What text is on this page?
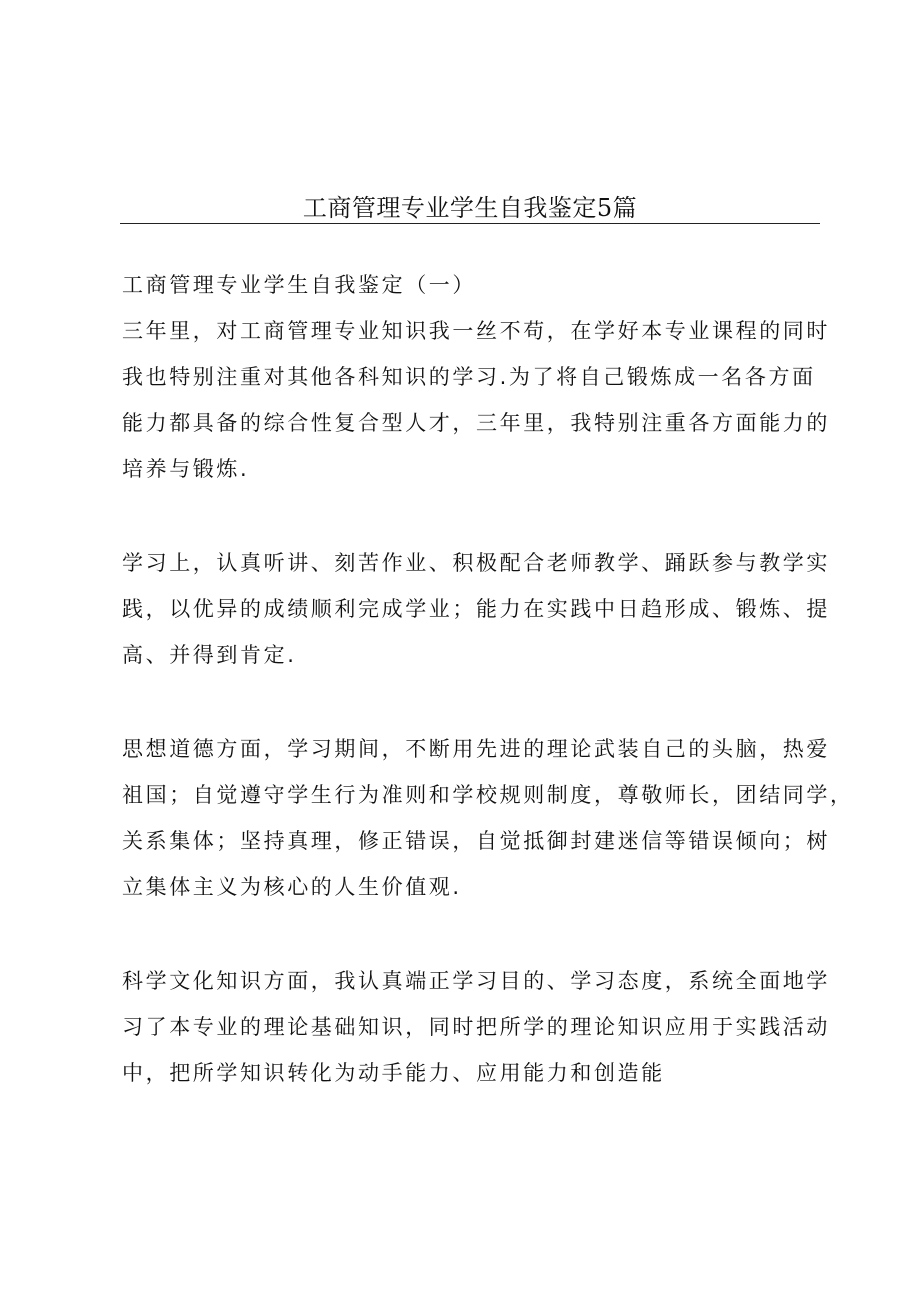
工商管理专业学生自我鉴定5篇

工商管理专业学生自我鉴定（一）

三年里，对工商管理专业知识我一丝不苟，在学好本专业课程的同时
我也特别注重对其他各科知识的学习.为了将自己锻炼成一名各方面
能力都具备的综合性复合型人才，三年里，我特别注重各方面能力的
培养与锻炼.

学习上，认真听讲、刻苦作业、积极配合老师教学、踊跃参与教学实
践，以优异的成绩顺利完成学业；能力在实践中日趋形成、锻炼、提
高、并得到肯定.

思想道德方面，学习期间，不断用先进的理论武装自己的头脑，热爱
祖国；自觉遵守学生行为准则和学校规则制度，尊敬师长，团结同学，
关系集体；坚持真理，修正错误，自觉抵御封建迷信等错误倾向；树
立集体主义为核心的人生价值观.

科学文化知识方面，我认真端正学习目的、学习态度，系统全面地学
习了本专业的理论基础知识，同时把所学的理论知识应用于实践活动
中，把所学知识转化为动手能力、应用能力和创造能
